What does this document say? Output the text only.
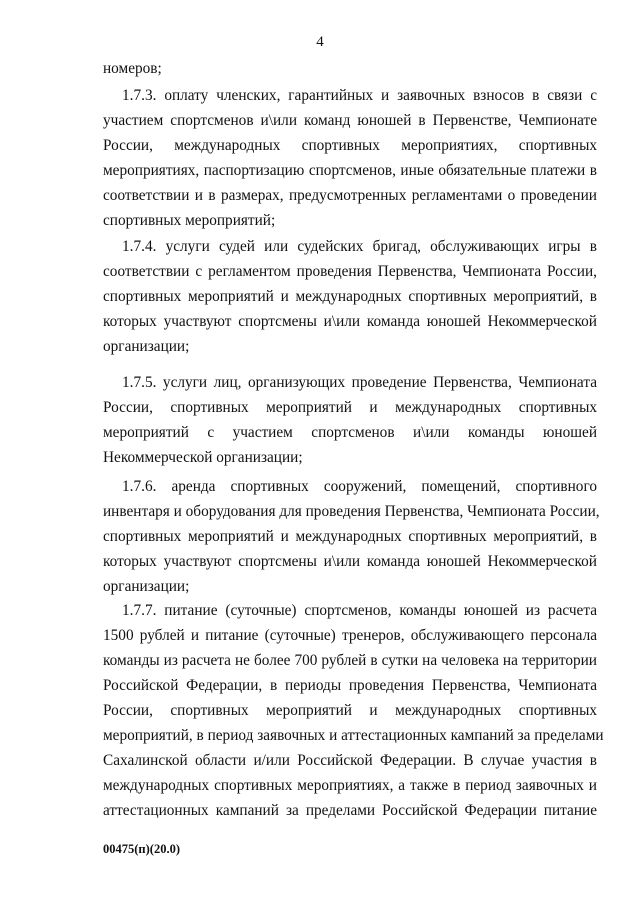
4
номеров;
1.7.3. оплату членских, гарантийных и заявочных взносов в связи с
участием спортсменов и\или команд юношей в Первенстве, Чемпионате
России, международных спортивных мероприятиях, спортивных
мероприятиях, паспортизацию спортсменов, иные обязательные платежи в
соответствии и в размерах, предусмотренных регламентами о проведении
спортивных мероприятий;
1.7.4. услуги судей или судейских бригад, обслуживающих игры в
соответствии с регламентом проведения Первенства, Чемпионата России,
спортивных мероприятий и международных спортивных мероприятий, в
которых участвуют спортсмены и\или команда юношей Некоммерческой
организации;
1.7.5. услуги лиц, организующих проведение Первенства, Чемпионата
России, спортивных мероприятий и международных спортивных
мероприятий с участием спортсменов и\или команды юношей
Некоммерческой организации;
1.7.6. аренда спортивных сооружений, помещений, спортивного
инвентаря и оборудования для проведения Первенства, Чемпионата России,
спортивных мероприятий и международных спортивных мероприятий, в
которых участвуют спортсмены и\или команда юношей Некоммерческой
организации;
1.7.7. питание (суточные) спортсменов, команды юношей из расчета
1500 рублей и питание (суточные) тренеров, обслуживающего персонала
команды из расчета не более 700 рублей в сутки на человека на территории
Российской Федерации, в периоды проведения Первенства, Чемпионата
России, спортивных мероприятий и международных спортивных
мероприятий, в период заявочных и аттестационных кампаний за пределами
Сахалинской области и/или Российской Федерации. В случае участия в
международных спортивных мероприятиях, а также в период заявочных и
аттестационных кампаний за пределами Российской Федерации питание
00475(п)(20.0)
